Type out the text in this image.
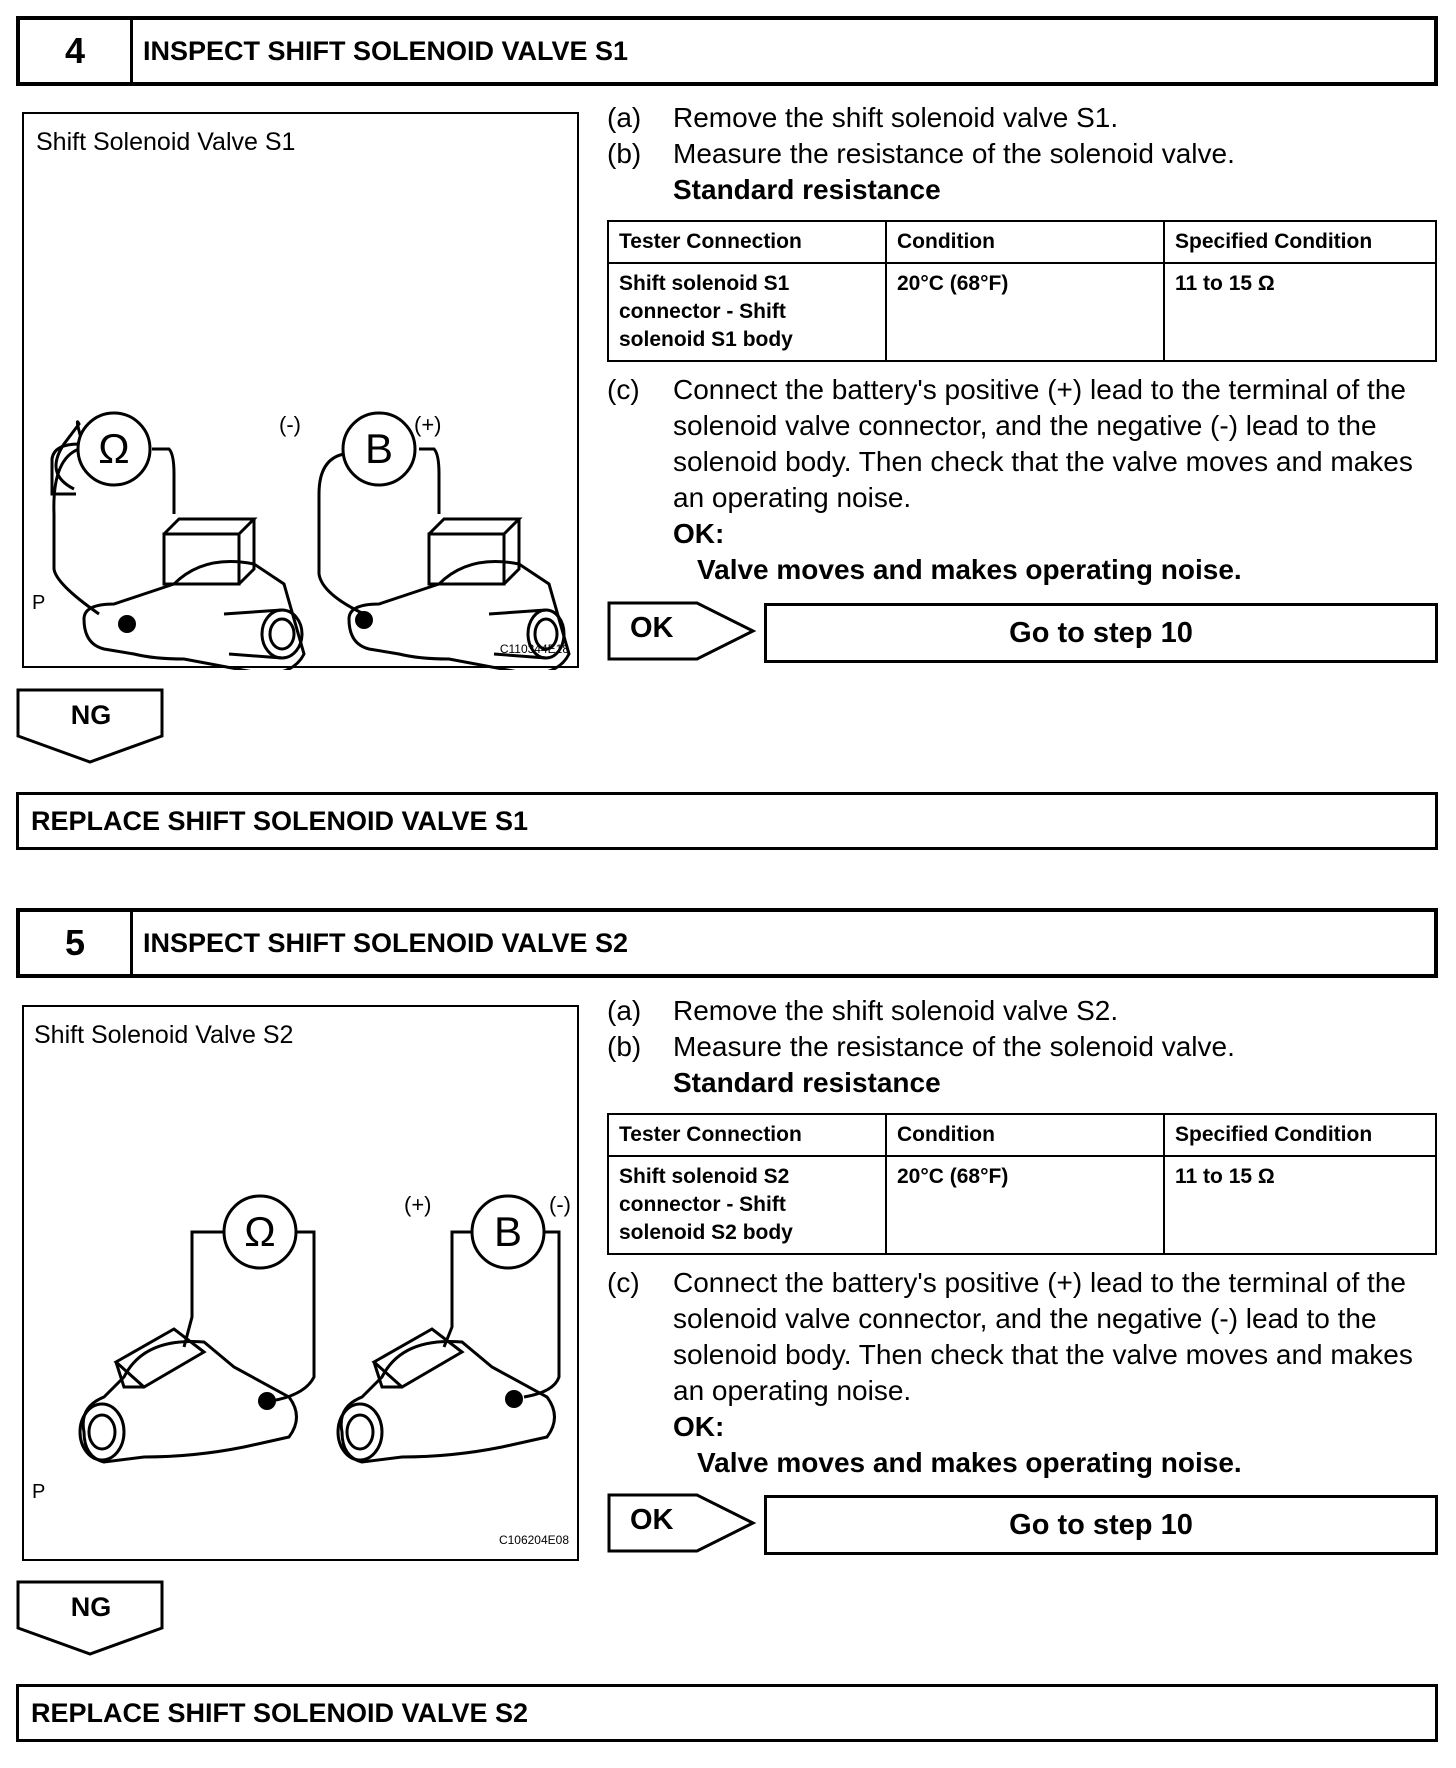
4	INSPECT SHIFT SOLENOID VALVE S1
Shift Solenoid Valve S1
Ω	B
(-)	(+)
P
C110344E18
(a)	Remove the shift solenoid valve S1.
(b)	Measure the resistance of the solenoid valve.
Standard resistance
Tester Connection	Condition	Specified Condition
Shift solenoid S1 connector - Shift solenoid S1 body	20°C (68°F)	11 to 15 Ω
(c)	Connect the battery's positive (+) lead to the terminal of the solenoid valve connector, and the negative (-) lead to the solenoid body. Then check that the valve moves and makes an operating noise.
OK:
Valve moves and makes operating noise.
OK	Go to step 10
NG
REPLACE SHIFT SOLENOID VALVE S1
5	INSPECT SHIFT SOLENOID VALVE S2
Shift Solenoid Valve S2
Ω	B
(+)	(-)
P
C106204E08
(a)	Remove the shift solenoid valve S2.
(b)	Measure the resistance of the solenoid valve.
Standard resistance
Tester Connection	Condition	Specified Condition
Shift solenoid S2 connector - Shift solenoid S2 body	20°C (68°F)	11 to 15 Ω
(c)	Connect the battery's positive (+) lead to the terminal of the solenoid valve connector, and the negative (-) lead to the solenoid body. Then check that the valve moves and makes an operating noise.
OK:
Valve moves and makes operating noise.
OK	Go to step 10
NG
REPLACE SHIFT SOLENOID VALVE S2
